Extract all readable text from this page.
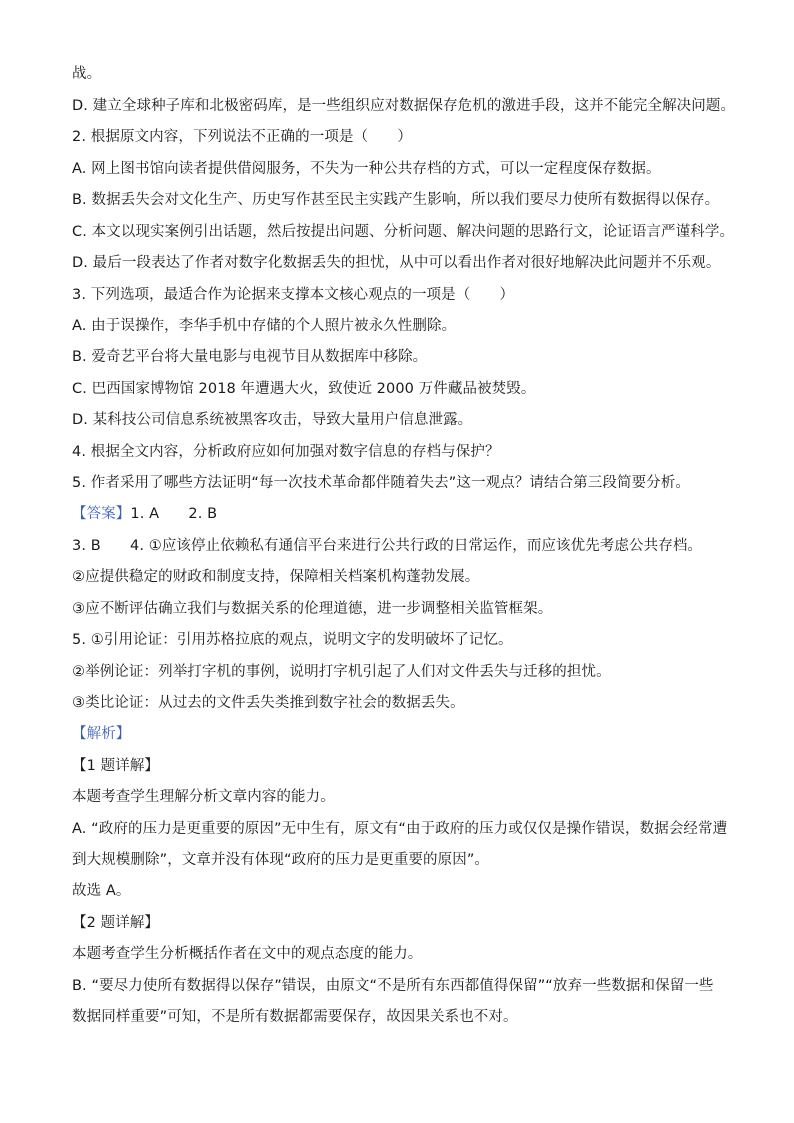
战。
D. 建立全球种子库和北极密码库，是一些组织应对数据保存危机的激进手段，这并不能完全解决问题。
2. 根据原文内容，下列说法不正确的一项是（　　）
A. 网上图书馆向读者提供借阅服务，不失为一种公共存档的方式，可以一定程度保存数据。
B. 数据丢失会对文化生产、历史写作甚至民主实践产生影响，所以我们要尽力使所有数据得以保存。
C. 本文以现实案例引出话题，然后按提出问题、分析问题、解决问题的思路行文，论证语言严谨科学。
D. 最后一段表达了作者对数字化数据丢失的担忧，从中可以看出作者对很好地解决此问题并不乐观。
3. 下列选项，最适合作为论据来支撑本文核心观点的一项是（　　）
A. 由于误操作，李华手机中存储的个人照片被永久性删除。
B. 爱奇艺平台将大量电影与电视节目从数据库中移除。
C. 巴西国家博物馆 2018 年遭遇大火，致使近 2000 万件藏品被焚毁。
D. 某科技公司信息系统被黑客攻击，导致大量用户信息泄露。
4. 根据全文内容，分析政府应如何加强对数字信息的存档与保护？
5. 作者采用了哪些方法证明“每一次技术革命都伴随着失去”这一观点？请结合第三段简要分析。
【答案】1. A　　2. B
3. B　　4. ①应该停止依赖私有通信平台来进行公共行政的日常运作，而应该优先考虑公共存档。
②应提供稳定的财政和制度支持，保障相关档案机构蓬勃发展。
③应不断评估确立我们与数据关系的伦理道德，进一步调整相关监管框架。
5. ①引用论证：引用苏格拉底的观点，说明文字的发明破坏了记忆。
②举例论证：列举打字机的事例，说明打字机引起了人们对文件丢失与迁移的担忧。
③类比论证：从过去的文件丢失类推到数字社会的数据丢失。
【解析】
【1 题详解】
本题考查学生理解分析文章内容的能力。
A. “政府的压力是更重要的原因”无中生有，原文有“由于政府的压力或仅仅是操作错误，数据会经常遭
到大规模删除”，文章并没有体现“政府的压力是更重要的原因”。
故选 A。
【2 题详解】
本题考查学生分析概括作者在文中的观点态度的能力。
B. “要尽力使所有数据得以保存”错误，由原文“不是所有东西都值得保留”“放弃一些数据和保留一些
数据同样重要”可知，不是所有数据都需要保存，故因果关系也不对。
